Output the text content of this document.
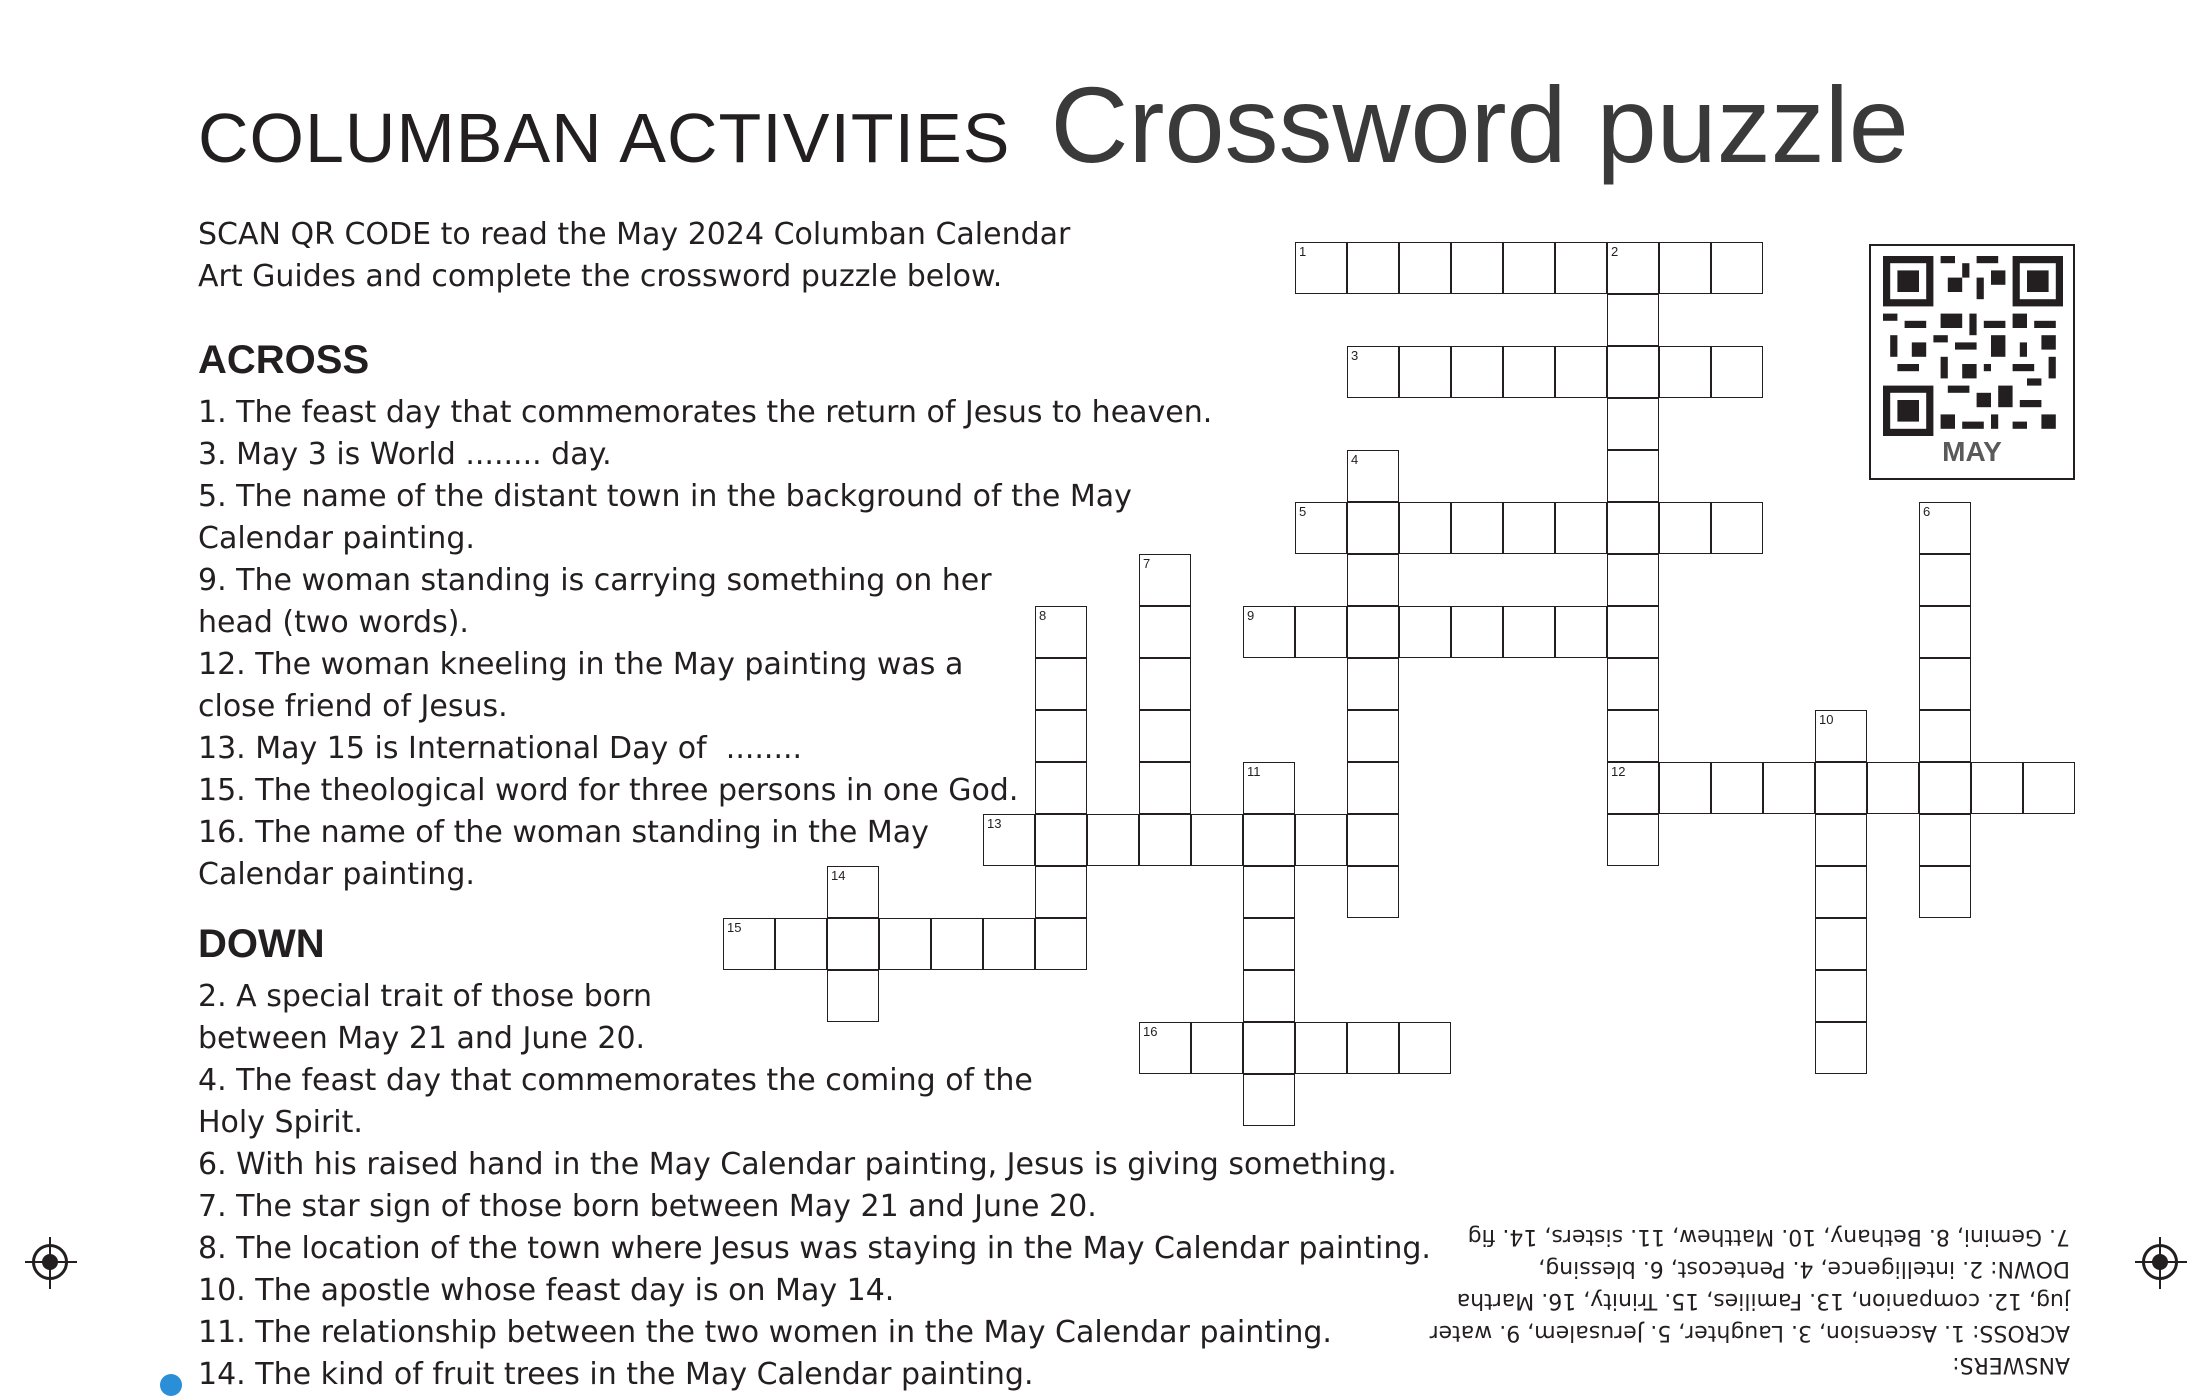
COLUMBAN ACTIVITIES Crossword puzzle
SCAN QR CODE to read the May 2024 Columban Calendar
Art Guides and complete the crossword puzzle below.
ACROSS
1. The feast day that commemorates the return of Jesus to heaven.
3. May 3 is World ........ day.
5. The name of the distant town in the background of the May
Calendar painting.
9. The woman standing is carrying something on her
head (two words).
12. The woman kneeling in the May painting was a
close friend of Jesus.
13. May 15 is International Day of  ........
15. The theological word for three persons in one God.
16. The name of the woman standing in the May
Calendar painting.
DOWN
2. A special trait of those born
between May 21 and June 20.
4. The feast day that commemorates the coming of the
Holy Spirit.
6. With his raised hand in the May Calendar painting, Jesus is giving something.
7. The star sign of those born between May 21 and June 20.
8. The location of the town where Jesus was staying in the May Calendar painting.
10. The apostle whose feast day is on May 14.
11. The relationship between the two women in the May Calendar painting.
14. The kind of fruit trees in the May Calendar painting.
1	2
12
3
4
5	6
7
8	9
10
11
13
14
15
16
MAY
ANSWERS:
ACROSS: 1. Ascension, 3. Laughter, 5. Jerusalem, 9. water
jug, 12. companion, 13. Families, 15. Trinity, 16. Martha
DOWN: 2. intelligence, 4. Pentecost, 6. blessing,
7. Gemini, 8. Bethany, 10. Matthew, 11. sisters, 14. fig
